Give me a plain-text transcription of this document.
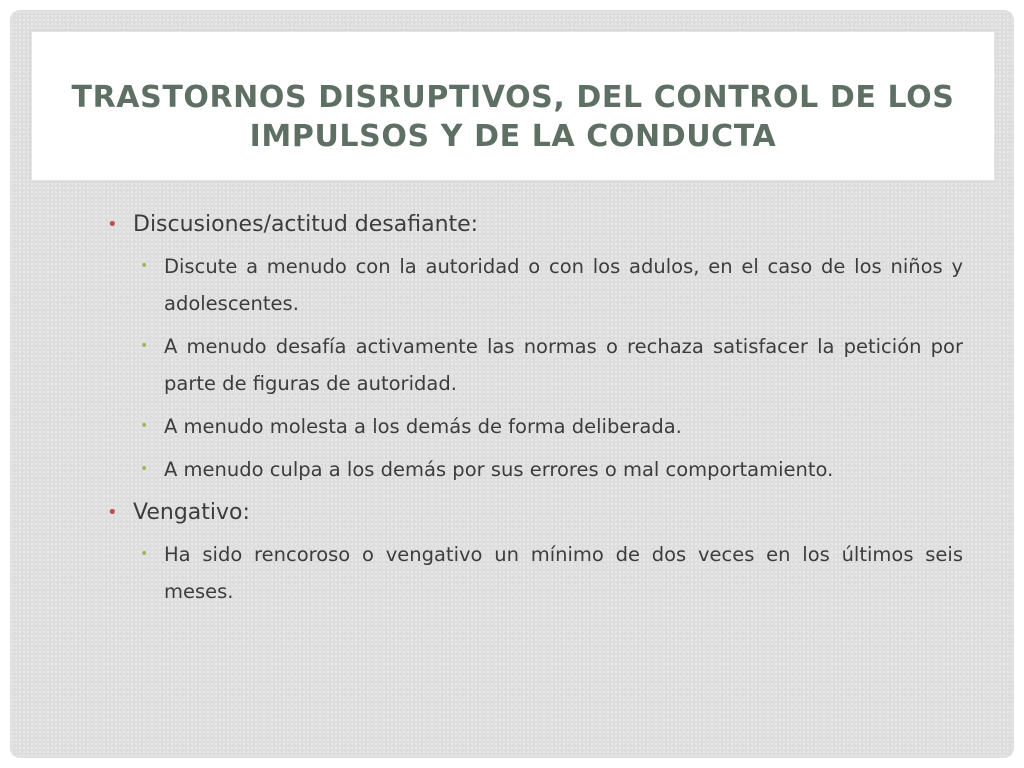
TRASTORNOS DISRUPTIVOS, DEL CONTROL DE LOS IMPULSOS Y DE LA CONDUCTA
• Discusiones/actitud desafiante:
• Discute a menudo con la autoridad o con los adulos, en el caso de los niños y adolescentes.
• A menudo desafía activamente las normas o rechaza satisfacer la petición por parte de figuras de autoridad.
• A menudo molesta a los demás de forma deliberada.
• A menudo culpa a los demás por sus errores o mal comportamiento.
• Vengativo:
• Ha sido rencoroso o vengativo un mínimo de dos veces en los últimos seis meses.
